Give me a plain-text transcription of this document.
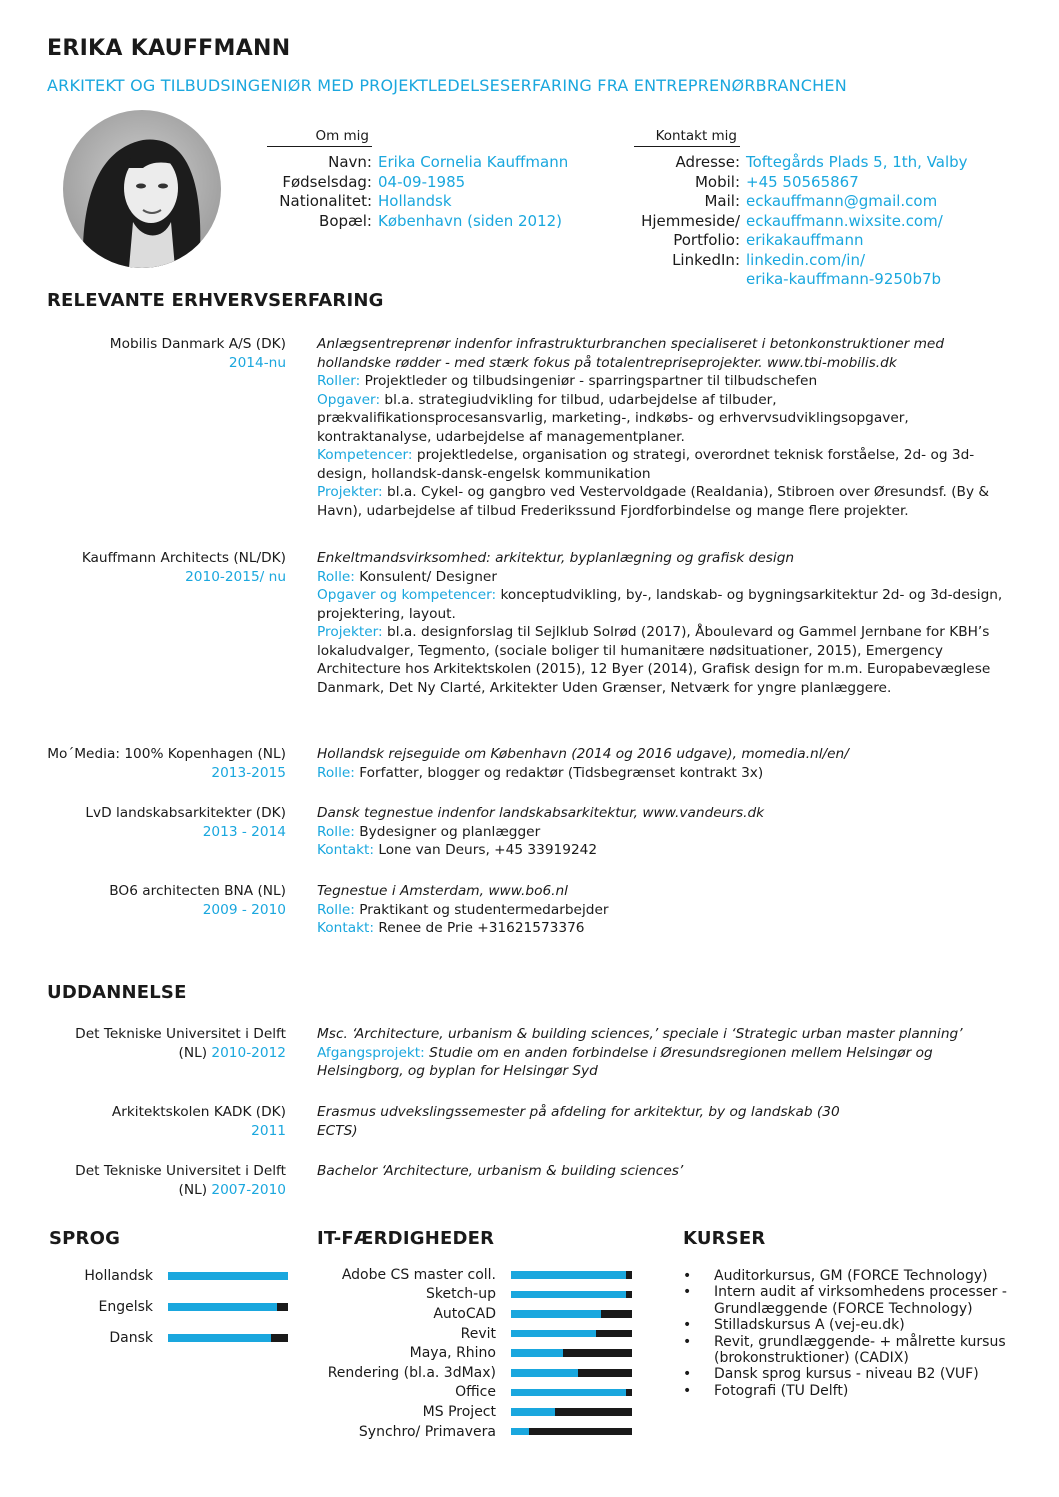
ERIKA KAUFFMANN
ARKITEKT OG TILBUDSINGENIØR MED PROJEKTLEDELSESERFARING FRA ENTREPRENØRBRANCHEN
Om mig
Navn: Erika Cornelia Kauffmann
Fødselsdag: 04-09-1985
Nationalitet: Hollandsk
Bopæl: København (siden 2012)
Kontakt mig
Adresse: Toftegårds Plads 5, 1th, Valby
Mobil: +45 50565867
Mail: eckauffmann@gmail.com
Hjemmeside/ eckauffmann.wixsite.com/
Portfolio: erikakauffmann
LinkedIn: linkedin.com/in/
erika-kauffmann-9250b7b
RELEVANTE ERHVERVSERFARING
Mobilis Danmark A/S (DK)
2014-nu
Anlægsentreprenør indenfor infrastrukturbranchen specialiseret i betonkonstruktioner med hollandske rødder - med stærk fokus på totalentrepriseprojekter. www.tbi-mobilis.dk
Roller: Projektleder og tilbudsingeniør - sparringspartner til tilbudschefen
Opgaver: bl.a. strategiudvikling for tilbud, udarbejdelse af tilbuder, prækvalifikationsprocesansvarlig, marketing-, indkøbs- og erhvervsudviklingsopgaver, kontraktanalyse, udarbejdelse af managementplaner.
Kompetencer: projektledelse, organisation og strategi, overordnet teknisk forståelse, 2d- og 3d-design, hollandsk-dansk-engelsk kommunikation
Projekter: bl.a. Cykel- og gangbro ved Vestervoldgade (Realdania), Stibroen over Øresundsf. (By & Havn), udarbejdelse af tilbud Frederikssund Fjordforbindelse og mange flere projekter.
Kauffmann Architects (NL/DK)
2010-2015/ nu
Enkeltmandsvirksomhed: arkitektur, byplanlægning og grafisk design
Rolle: Konsulent/ Designer
Opgaver og kompetencer: konceptudvikling, by-, landskab- og bygningsarkitektur 2d- og 3d-design, projektering, layout.
Projekter: bl.a. designforslag til Sejlklub Solrød (2017), Åboulevard og Gammel Jernbane for KBH’s lokaludvalger, Tegmento, (sociale boliger til humanitære nødsituationer, 2015), Emergency Architecture hos Arkitektskolen (2015), 12 Byer (2014), Grafisk design for m.m. Europabevæglese Danmark, Det Ny Clarté, Arkitekter Uden Grænser, Netværk for yngre planlæggere.
Mo´Media: 100% Kopenhagen (NL)
2013-2015
Hollandsk rejseguide om København (2014 og 2016 udgave), momedia.nl/en/
Rolle: Forfatter, blogger og redaktør (Tidsbegrænset kontrakt 3x)
LvD landskabsarkitekter (DK)
2013 - 2014
Dansk tegnestue indenfor landskabsarkitektur, www.vandeurs.dk
Rolle: Bydesigner og planlægger
Kontakt: Lone van Deurs, +45 33919242
BO6 architecten BNA (NL)
2009 - 2010
Tegnestue i Amsterdam, www.bo6.nl
Rolle: Praktikant og studentermedarbejder
Kontakt: Renee de Prie +31621573376
UDDANNELSE
Det Tekniske Universitet i Delft
(NL) 2010-2012
Msc. ‘Architecture, urbanism & building sciences,’ speciale i ‘Strategic urban master planning’
Afgangsprojekt: Studie om en anden forbindelse i Øresundsregionen mellem Helsingør og Helsingborg, og byplan for Helsingør Syd
Arkitektskolen KADK (DK)
2011
Erasmus udvekslingssemester på afdeling for arkitektur, by og landskab (30 ECTS)
Det Tekniske Universitet i Delft
(NL) 2007-2010
Bachelor ‘Architecture, urbanism & building sciences’
SPROG
Hollandsk
Engelsk
Dansk
IT-FÆRDIGHEDER
Adobe CS master coll.
Sketch-up
AutoCAD
Revit
Maya, Rhino
Rendering (bl.a. 3dMax)
Office
MS Project
Synchro/ Primavera
KURSER
• Auditorkursus, GM (FORCE Technology)
• Intern audit af virksomhedens processer - Grundlæggende (FORCE Technology)
• Stilladskursus A (vej-eu.dk)
• Revit, grundlæggende- + målrette kursus (brokonstruktioner) (CADIX)
• Dansk sprog kursus - niveau B2 (VUF)
• Fotografi (TU Delft)
